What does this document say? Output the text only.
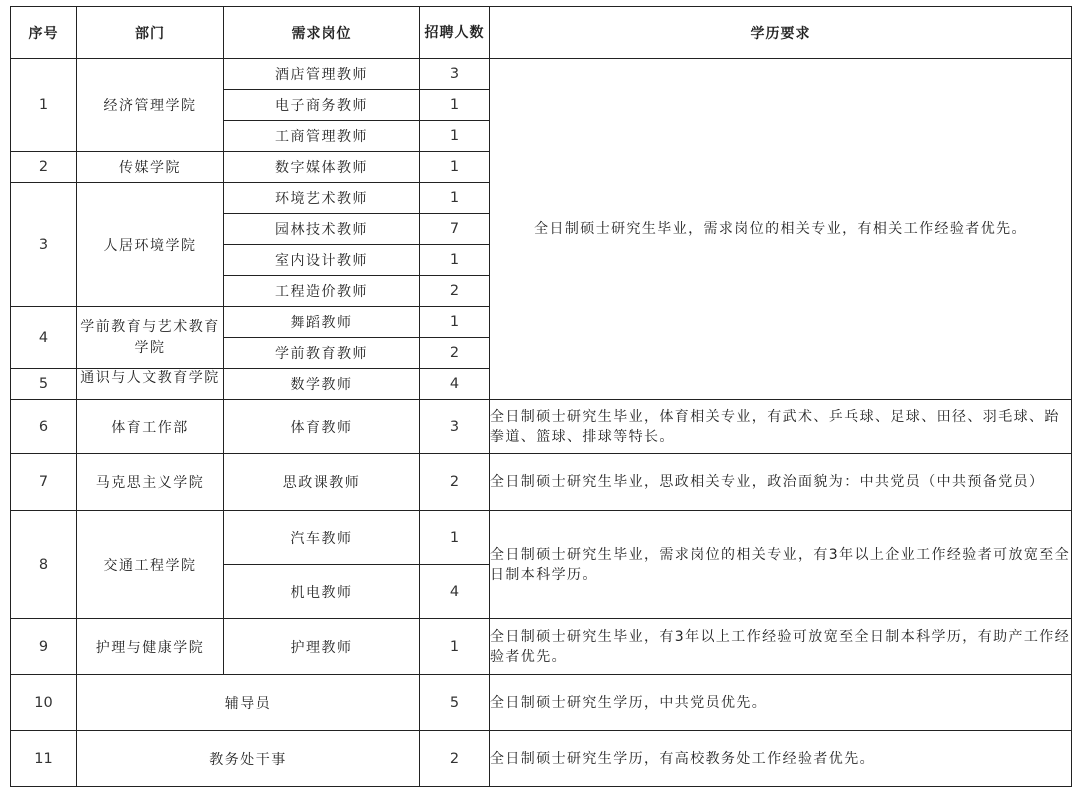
序号	部门	需求岗位	招聘人数	学历要求
1	经济管理学院	酒店管理教师	3	全日制硕士研究生毕业，需求岗位的相关专业，有相关工作经验者优先。
		电子商务教师	1	
		工商管理教师	1	
2	传媒学院	数字媒体教师	1	
3	人居环境学院	环境艺术教师	1	
		园林技术教师	7	
		室内设计教师	1	
		工程造价教师	2	
4	学前教育与艺术教育学院	舞蹈教师	1	
		学前教育教师	2	
5	通识与人文教育学院	数学教师	4	
6	体育工作部	体育教师	3	全日制硕士研究生毕业，体育相关专业，有武术、乒乓球、足球、田径、羽毛球、跆拳道、篮球、排球等特长。
7	马克思主义学院	思政课教师	2	全日制硕士研究生毕业，思政相关专业，政治面貌为：中共党员（中共预备党员）
8	交通工程学院	汽车教师	1	全日制硕士研究生毕业，需求岗位的相关专业，有3年以上企业工作经验者可放宽至全日制本科学历。
		机电教师	4	
9	护理与健康学院	护理教师	1	全日制硕士研究生毕业，有3年以上工作经验可放宽至全日制本科学历，有助产工作经验者优先。
10	辅导员		5	全日制硕士研究生学历，中共党员优先。
11	教务处干事		2	全日制硕士研究生学历，有高校教务处工作经验者优先。
